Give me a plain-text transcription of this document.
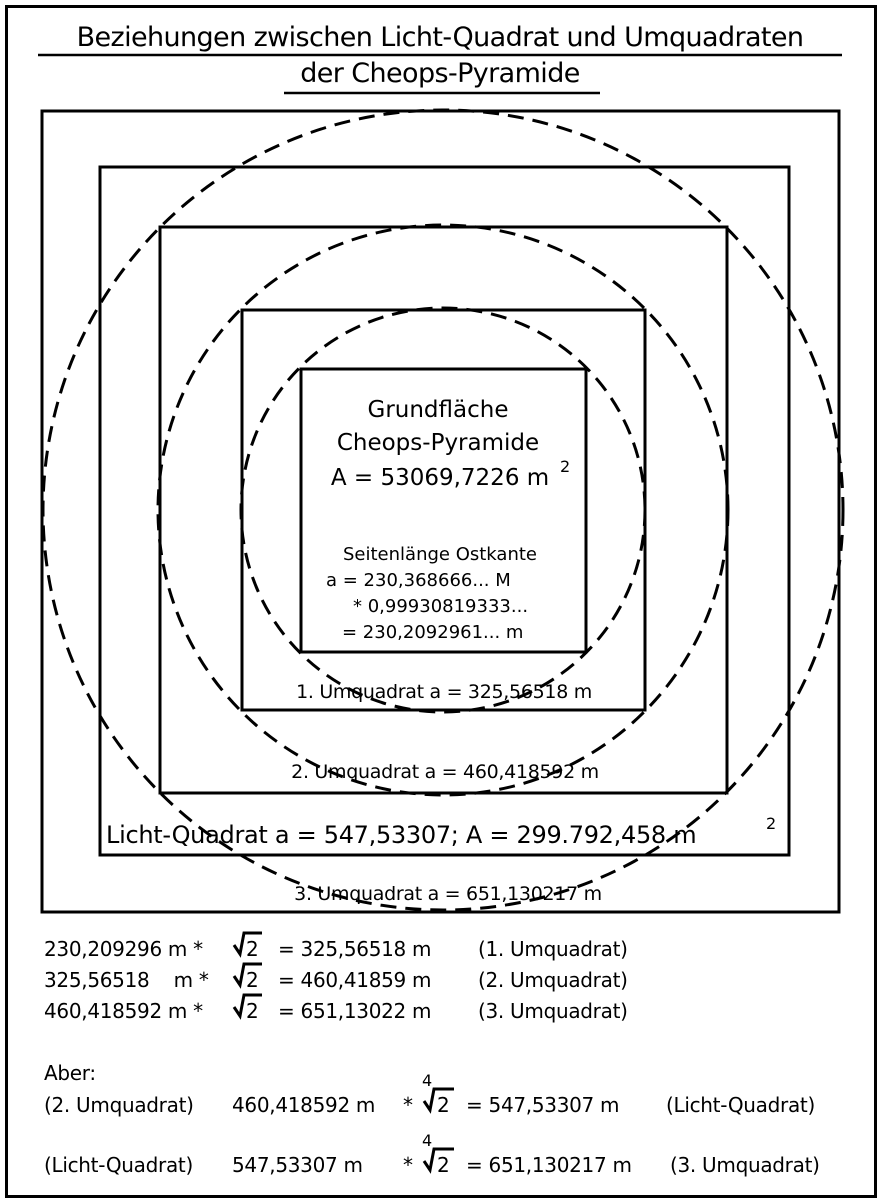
Beziehungen zwischen Licht-Quadrat und Umquadraten
der Cheops-Pyramide
Grundfläche
Cheops-Pyramide
A = 53069,7226 m 2
Seitenlänge Ostkante
a = 230,368666... M
* 0,99930819333...
= 230,2092961... m
1. Umquadrat a = 325,56518 m
2. Umquadrat a = 460,418592 m
Licht-Quadrat a = 547,53307; A = 299.792,458 m	2
3. Umquadrat a = 651,130217 m
230,209296 m * 2 = 325,56518 m (1. Umquadrat)
325,56518    m * 2 = 460,41859 m (2. Umquadrat)
460,418592 m * 2 = 651,13022 m (3. Umquadrat)
Aber:
(2. Umquadrat) 460,418592 m *
4
2 = 547,53307 m (Licht-Quadrat)
(Licht-Quadrat) 547,53307 m *
4
2 = 651,130217 m (3. Umquadrat)
